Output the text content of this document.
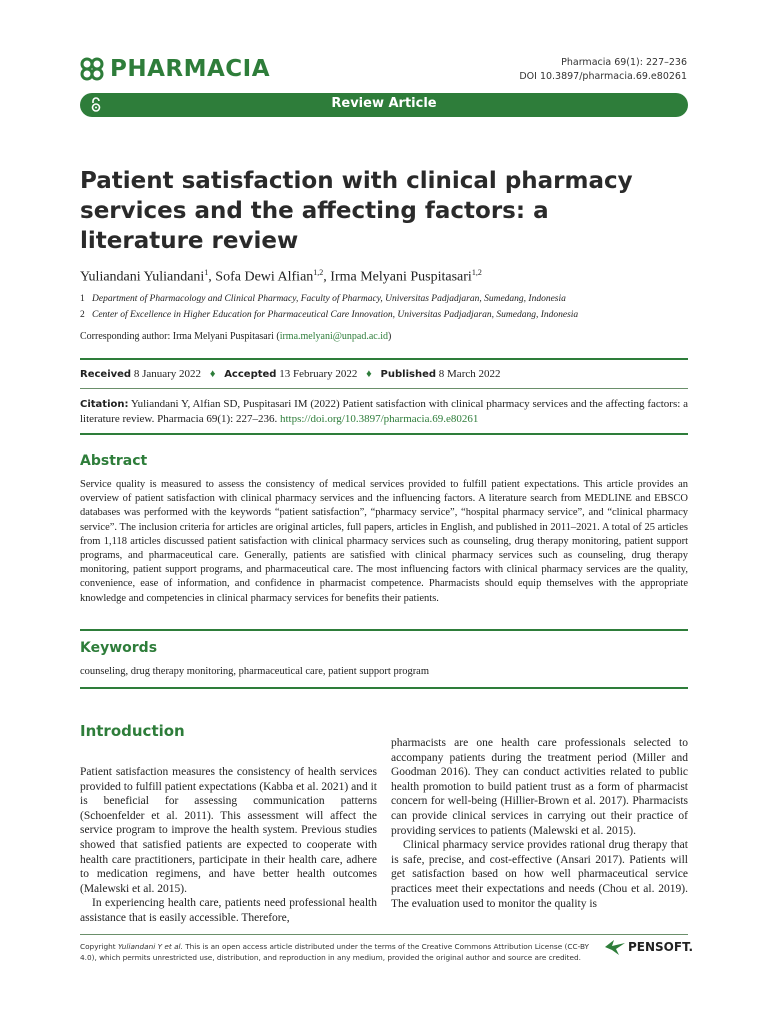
PHARMACIA	Pharmacia 69(1): 227–236
DOI 10.3897/pharmacia.69.e80261
Review Article
Patient satisfaction with clinical pharmacy services and the affecting factors: a literature review
Yuliandani Yuliandani$^1$, Sofa Dewi Alfian$^{1,2}$, Irma Melyani Puspitasari$^{1,2}$
1 Department of Pharmacology and Clinical Pharmacy, Faculty of Pharmacy, Universitas Padjadjaran, Sumedang, Indonesia
2 Center of Excellence in Higher Education for Pharmaceutical Care Innovation, Universitas Padjadjaran, Sumedang, Indonesia
Corresponding author: Irma Melyani Puspitasari (irma.melyani@unpad.ac.id)
Received 8 January 2022 ♦ Accepted 13 February 2022 ♦ Published 8 March 2022
Citation: Yuliandani Y, Alfian SD, Puspitasari IM (2022) Patient satisfaction with clinical pharmacy services and the affecting factors: a literature review. Pharmacia 69(1): 227–236. https://doi.org/10.3897/pharmacia.69.e80261
Abstract
Service quality is measured to assess the consistency of medical services provided to fulfill patient expectations. This article provides an overview of patient satisfaction with clinical pharmacy services and the influencing factors. A literature search from MEDLINE and EBSCO databases was performed with the keywords “patient satisfaction”, “pharmacy service”, “hospital pharmacy service”, and “clinical pharmacy service”. The inclusion criteria for articles are original articles, full papers, articles in English, and published in 2011–2021. A total of 25 articles from 1,118 articles discussed patient satisfaction with clinical pharmacy services such as counseling, drug therapy monitoring, patient support programs, and pharmaceutical care. Generally, patients are satisfied with clinical pharmacy services such as counseling, drug therapy monitoring, patient support programs, and pharmaceutical care. The most influencing factors with clinical pharmacy services are the quality, convenience, ease of information, and confidence in pharmacist competence. Pharmacists should equip themselves with the appropriate knowledge and competencies in clinical pharmacy services for benefits their patients.
Keywords
counseling, drug therapy monitoring, pharmaceutical care, patient support program
Introduction

Patient satisfaction measures the consistency of health services provided to fulfill patient expectations (Kabba et al. 2021) and it is beneficial for assessing communication patterns (Schoenfelder et al. 2011). This assessment will affect the service program to improve the health system. Previous studies showed that satisfied patients are expected to cooperate with health care practitioners, participate in their health care, adhere to medication regimens, and have better health outcomes (Malewski et al. 2015).

In experiencing health care, patients need professional health assistance that is easily accessible. Therefore,

pharmacists are one health care professionals selected to accompany patients during the treatment period (Miller and Goodman 2016). They can conduct activities related to public health promotion to build patient trust as a form of pharmacist concern for well-being (Hillier-Brown et al. 2017). Pharmacists can provide clinical services in carrying out their practice of providing services to patients (Malewski et al. 2015).

Clinical pharmacy service provides rational drug therapy that is safe, precise, and cost-effective (Ansari 2017). Patients will get satisfaction based on how well pharmaceutical service practices meet their expectations and needs (Chou et al. 2019). The evaluation used to monitor the quality is

Copyright Yuliandani Y et al. This is an open access article distributed under the terms of the Creative Commons Attribution License (CC-BY 4.0), which permits unrestricted use, distribution, and reproduction in any medium, provided the original author and source are credited.
PENSOFT.
